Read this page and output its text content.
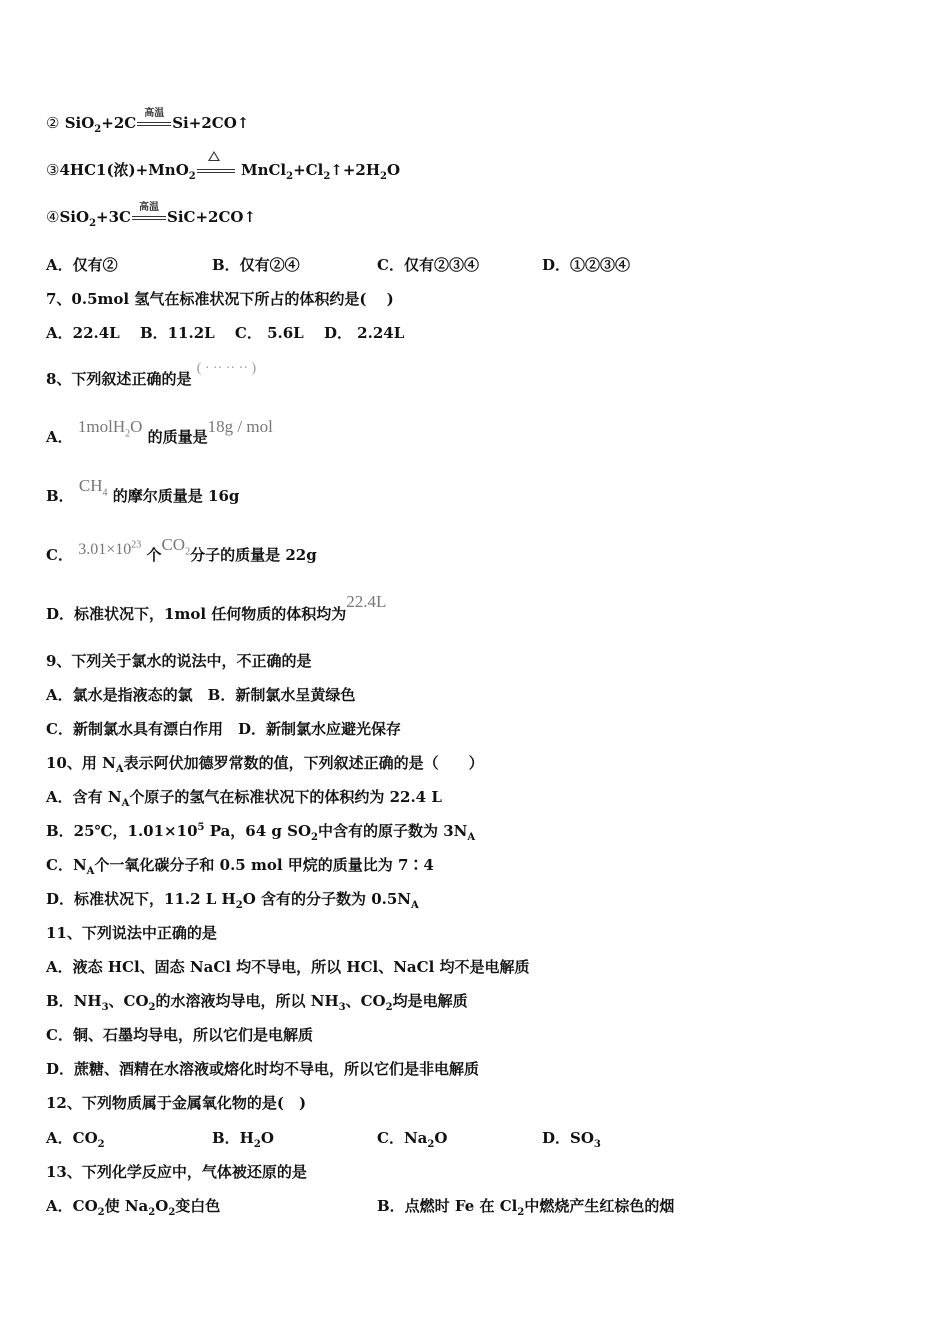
② SiO$_2$+2C
高温
Si+2CO↑
③4HC1(浓)+MnO$_2$	$MnCl_2+Cl_2↑+2H_2O$
④SiO$_2$+3C
高温
SiC+2CO↑
A．仅有②	B．仅有②④	C．仅有②③④	D．①②③④
7、0.5mol 氢气在标准状况下所占的体积约是(　 )
A．22.4L　 B．11.2L　 C． 5.6L　 D． 2.24L
8、下列叙述正确的是 ( · ·· ·· ·· )
A． 1molH$_2$O 的质量是18g / mol
B． $CH_4$ 的摩尔质量是 16g
C． $3.01\times 10^{23}$ 个$CO_2$分子的质量是 22g
D．标准状况下，1mol 任何物质的体积均为22.4L
9、下列关于氯水的说法中，不正确的是
A．氯水是指液态的氯　B．新制氯水呈黄绿色
C．新制氯水具有漂白作用　D．新制氯水应避光保存
10、用 $N_A$表示阿伏加德罗常数的值，下列叙述正确的是（　　）
A．含有 $N_A$个原子的氢气在标准状况下的体积约为 22.4 L
B．25℃，$1.01\times 10^5$ Pa，64 g $SO_2$中含有的原子数为 $3N_A$
C．$N_A$个一氧化碳分子和 0.5 mol 甲烷的质量比为 7∶4
D．标准状况下，11.2 L $H_2O$ 含有的分子数为 $0.5N_A$
11、下列说法中正确的是
A．液态 HCl、固态 NaCl 均不导电，所以 HCl、NaCl 均不是电解质
B．$NH_3$、$CO_2$的水溶液均导电，所以 $NH_3$、$CO_2$均是电解质
C．铜、石墨均导电，所以它们是电解质
D．蔗糖、酒精在水溶液或熔化时均不导电，所以它们是非电解质
12、下列物质属于金属氧化物的是(　)
A．$CO_2$	B．$H_2O$	C．$Na_2O$	D．$SO_3$
13、下列化学反应中，气体被还原的是
A．$CO_2$使 $Na_2O_2$变白色	B．点燃时 Fe 在 $Cl_2$中燃烧产生红棕色的烟
